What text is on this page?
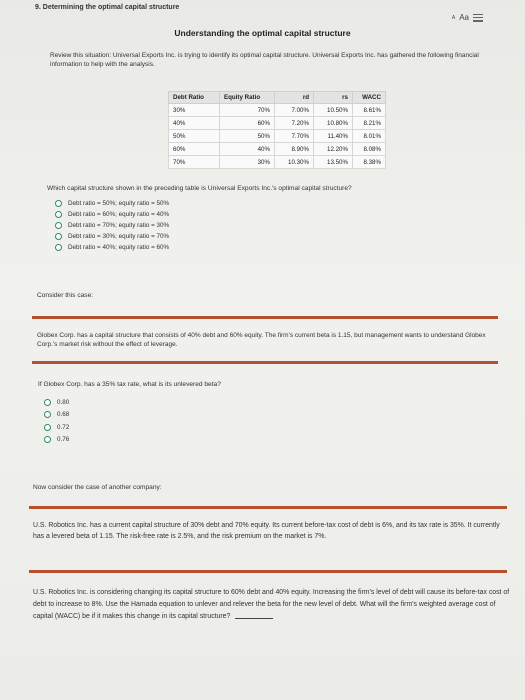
9. Determining the optimal capital structure
A Aa
Understanding the optimal capital structure
Review this situation: Universal Exports Inc. is trying to identify its optimal capital structure. Universal Exports Inc. has gathered the following financial information to help with the analysis.
Debt Ratio	Equity Ratio	rd	rs	WACC
30%	70%	7.00%	10.50%	8.61%
40%	60%	7.20%	10.80%	8.21%
50%	50%	7.70%	11.40%	8.01%
60%	40%	8.90%	12.20%	8.08%
70%	30%	10.30%	13.50%	8.38%
Which capital structure shown in the preceding table is Universal Exports Inc.'s optimal capital structure?
Debt ratio = 50%; equity ratio = 50%
Debt ratio = 60%; equity ratio = 40%
Debt ratio = 70%; equity ratio = 30%
Debt ratio = 30%; equity ratio = 70%
Debt ratio = 40%; equity ratio = 60%
Consider this case:
Globex Corp. has a capital structure that consists of 40% debt and 60% equity. The firm's current beta is 1.15, but management wants to understand Globex Corp.'s market risk without the effect of leverage.
If Globex Corp. has a 35% tax rate, what is its unlevered beta?
0.80
0.68
0.72
0.76
Now consider the case of another company:
U.S. Robotics Inc. has a current capital structure of 30% debt and 70% equity. Its current before-tax cost of debt is 6%, and its tax rate is 35%. It currently has a levered beta of 1.15. The risk-free rate is 2.5%, and the risk premium on the market is 7%.
U.S. Robotics Inc. is considering changing its capital structure to 60% debt and 40% equity. Increasing the firm's level of debt will cause its before-tax cost of debt to increase to 8%. Use the Hamada equation to unlever and relever the beta for the new level of debt. What will the firm's weighted average cost of capital (WACC) be if it makes this change in its capital structure?
